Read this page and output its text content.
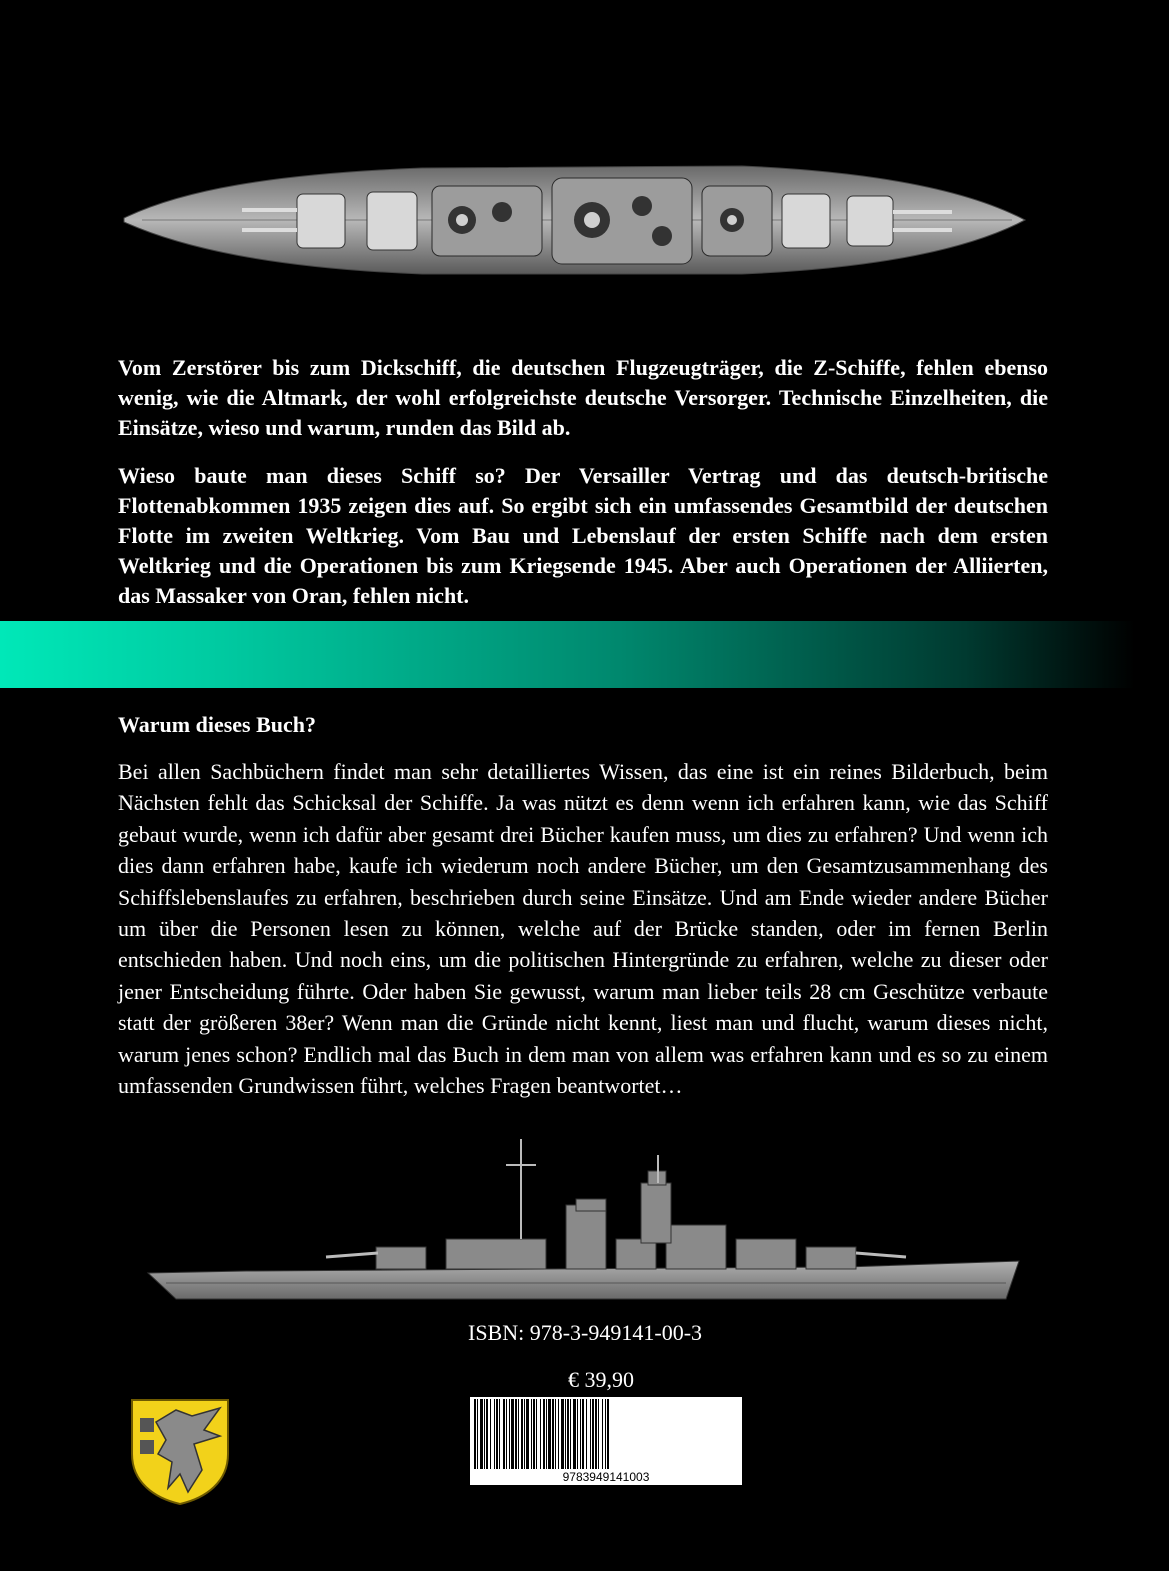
Vom Zerstörer bis zum Dickschiff, die deutschen Flugzeugträger, die Z-Schiffe, fehlen ebenso wenig, wie die Altmark, der wohl erfolgreichste deutsche Versorger. Technische Einzelheiten, die Einsätze, wieso und warum, runden das Bild ab.

Wieso baute man dieses Schiff so? Der Versailler Vertrag und das deutsch-britische Flottenabkommen 1935 zeigen dies auf. So ergibt sich ein umfassendes Gesamtbild der deutschen Flotte im zweiten Weltkrieg. Vom Bau und Lebenslauf der ersten Schiffe nach dem ersten Weltkrieg und die Operationen bis zum Kriegsende 1945. Aber auch Operationen der Alliierten, das Massaker von Oran, fehlen nicht.

Warum dieses Buch?

Bei allen Sachbüchern findet man sehr detailliertes Wissen, das eine ist ein reines Bilderbuch, beim Nächsten fehlt das Schicksal der Schiffe. Ja was nützt es denn wenn ich erfahren kann, wie das Schiff gebaut wurde, wenn ich dafür aber gesamt drei Bücher kaufen muss, um dies zu erfahren? Und wenn ich dies dann erfahren habe, kaufe ich wiederum noch andere Bücher, um den Gesamtzusammenhang des Schiffslebenslaufes zu erfahren, beschrieben durch seine Einsätze. Und am Ende wieder andere Bücher um über die Personen lesen zu können, welche auf der Brücke standen, oder im fernen Berlin entschieden haben. Und noch eins, um die politischen Hintergründe zu erfahren, welche zu dieser oder jener Entscheidung führte. Oder haben Sie gewusst, warum man lieber teils 28 cm Geschütze verbaute statt der größeren 38er? Wenn man die Gründe nicht kennt, liest man und flucht, warum dieses nicht, warum jenes schon? Endlich mal das Buch in dem man von allem was erfahren kann und es so zu einem umfassenden Grundwissen führt, welches Fragen beantwortet…

ISBN: 978-3-949141-00-3
€ 39,90
9783949141003
